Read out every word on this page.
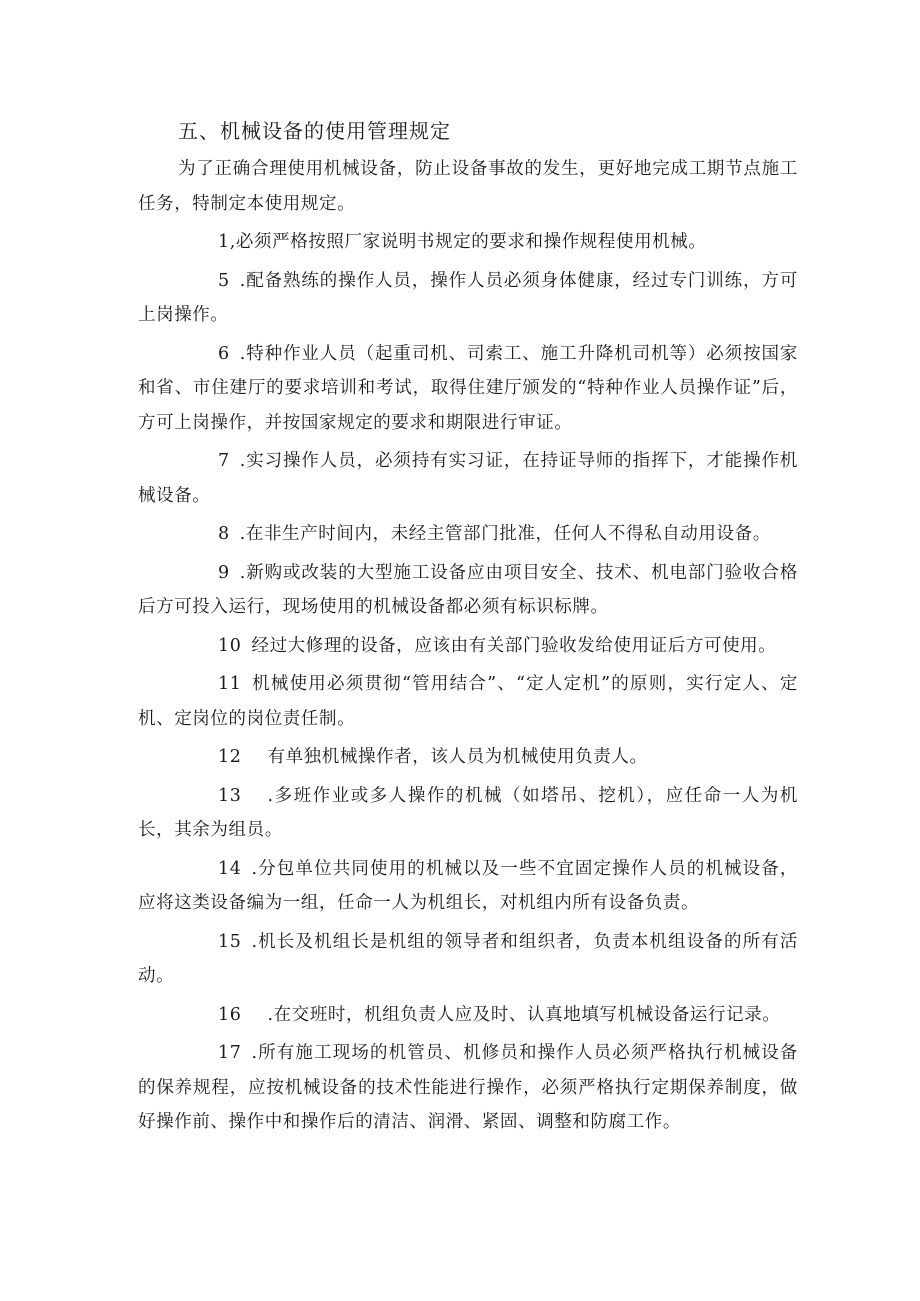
五、机械设备的使用管理规定

为了正确合理使用机械设备，防止设备事故的发生，更好地完成工期节点施工任务，特制定本使用规定。

1,必须严格按照厂家说明书规定的要求和操作规程使用机械。

5 .配备熟练的操作人员，操作人员必须身体健康，经过专门训练，方可上岗操作。

6 .特种作业人员（起重司机、司索工、施工升降机司机等）必须按国家和省、市住建厅的要求培训和考试，取得住建厅颁发的“特种作业人员操作证”后，方可上岗操作，并按国家规定的要求和期限进行审证。

7 .实习操作人员，必须持有实习证，在持证导师的指挥下，才能操作机械设备。

8 .在非生产时间内，未经主管部门批准，任何人不得私自动用设备。

9 .新购或改装的大型施工设备应由项目安全、技术、机电部门验收合格后方可投入运行，现场使用的机械设备都必须有标识标牌。

10 经过大修理的设备，应该由有关部门验收发给使用证后方可使用。

11 机械使用必须贯彻“管用结合”、“定人定机”的原则，实行定人、定机、定岗位的岗位责任制。

12 有单独机械操作者，该人员为机械使用负责人。

13 .多班作业或多人操作的机械（如塔吊、挖机），应任命一人为机长，其余为组员。

14 .分包单位共同使用的机械以及一些不宜固定操作人员的机械设备，应将这类设备编为一组，任命一人为机组长，对机组内所有设备负责。

15 .机长及机组长是机组的领导者和组织者，负责本机组设备的所有活动。

16 .在交班时，机组负责人应及时、认真地填写机械设备运行记录。

17 .所有施工现场的机管员、机修员和操作人员必须严格执行机械设备的保养规程，应按机械设备的技术性能进行操作，必须严格执行定期保养制度，做好操作前、操作中和操作后的清洁、润滑、紧固、调整和防腐工作。
